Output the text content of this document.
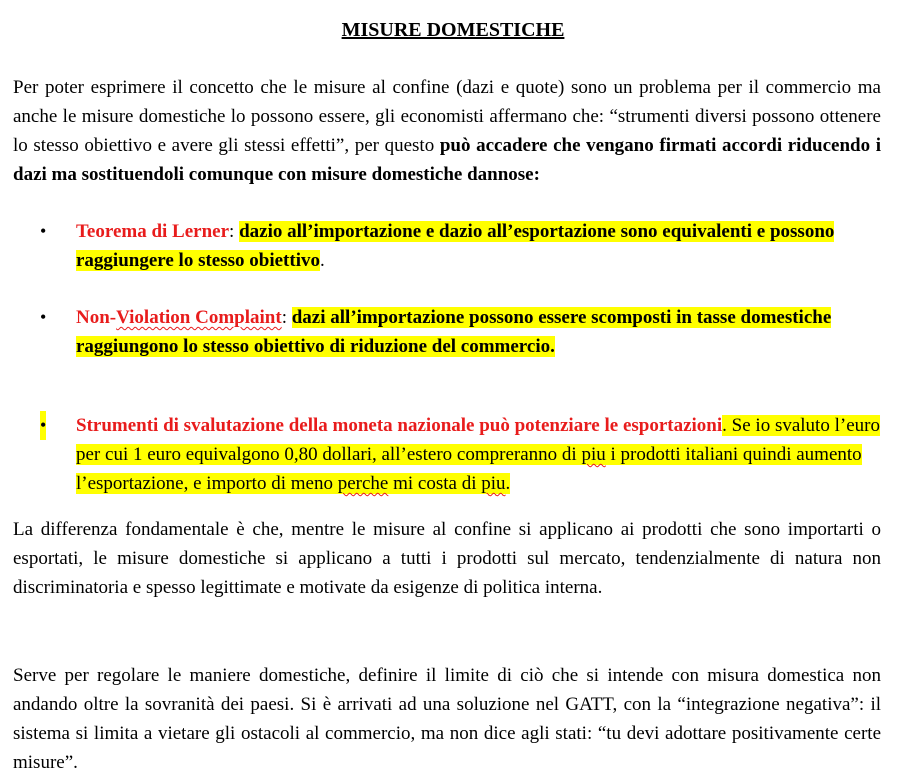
MISURE DOMESTICHE

Per poter esprimere il concetto che le misure al confine (dazi e quote) sono un problema per il commercio ma anche le misure domestiche lo possono essere, gli economisti affermano che: “strumenti diversi possono ottenere lo stesso obiettivo e avere gli stessi effetti”, per questo può accadere che vengano firmati accordi riducendo i dazi ma sostituendoli comunque con misure domestiche dannose:

• Teorema di Lerner: dazio all’importazione e dazio all’esportazione sono equivalenti e possono raggiungere lo stesso obiettivo.

• Non-Violation Complaint: dazi all’importazione possono essere scomposti in tasse domestiche raggiungono lo stesso obiettivo di riduzione del commercio.

• Strumenti di svalutazione della moneta nazionale può potenziare le esportazioni. Se io svaluto l’euro per cui 1 euro equivalgono 0,80 dollari, all’estero compreranno di piu i prodotti italiani quindi aumento l’esportazione, e importo di meno perche mi costa di piu.

La differenza fondamentale è che, mentre le misure al confine si applicano ai prodotti che sono importarti o esportati, le misure domestiche si applicano a tutti i prodotti sul mercato, tendenzialmente di natura non discriminatoria e spesso legittimate e motivate da esigenze di politica interna.

Serve per regolare le maniere domestiche, definire il limite di ciò che si intende con misura domestica non andando oltre la sovranità dei paesi. Si è arrivati ad una soluzione nel GATT, con la “integrazione negativa”: il sistema si limita a vietare gli ostacoli al commercio, ma non dice agli stati: “tu devi adottare positivamente certe misure”.
